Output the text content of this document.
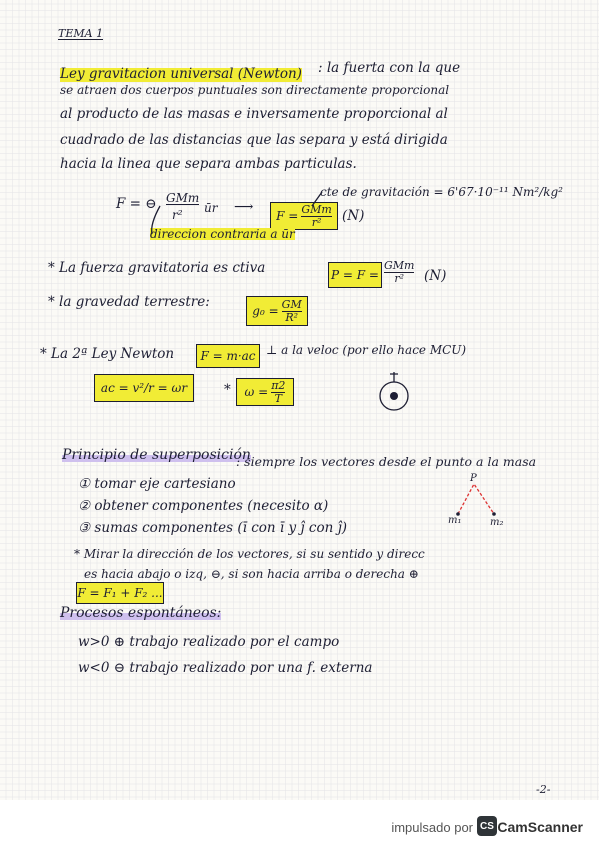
TEMA 1
Ley gravitacion universal (Newton) : la fuerta con la que
se atraen dos cuerpos puntuales son directamente proporcional
al producto de las masas e inversamente proporcional al
cuadrado de las distancias que las separa y está dirigida
hacia la linea que separa ambas particulas.
F = ⊖ GMm
r² ūr ⟶
F = GMm
r² (N)
cte de gravitación = 6'67·10⁻¹¹ Nm²/kg²
direccion contraria a ūr
* La fuerza gravitatoria es ctiva	P = F =
GMm
r² (N)
* la gravedad terrestre:
$g_0 = \frac{GM}{\text{R²}}$
* La 2ª Ley Newton	F = m·ac ⊥ a la veloc (por ello hace MCU)
ac = v²/r = ωr	* $\omega = \frac{\pi 2}{T}$
Principio de superposición
: siempre los vectores desde el punto a la masa
① tomar eje cartesiano
② obtener componentes (necesito α)
③ sumas componentes (ī con ī y ĵ con ĵ)
P
m₁	m₂
* Mirar la dirección de los vectores, si su sentido y direcc
es hacia abajo o izq, ⊖, si son hacia arriba o derecha ⊕
F = F₁ + F₂ ...
Procesos espontáneos:
w>0 ⊕ trabajo realizado por el campo
w<0 ⊖ trabajo realizado por una f. externa
-2-
impulsado por CS CamScanner
